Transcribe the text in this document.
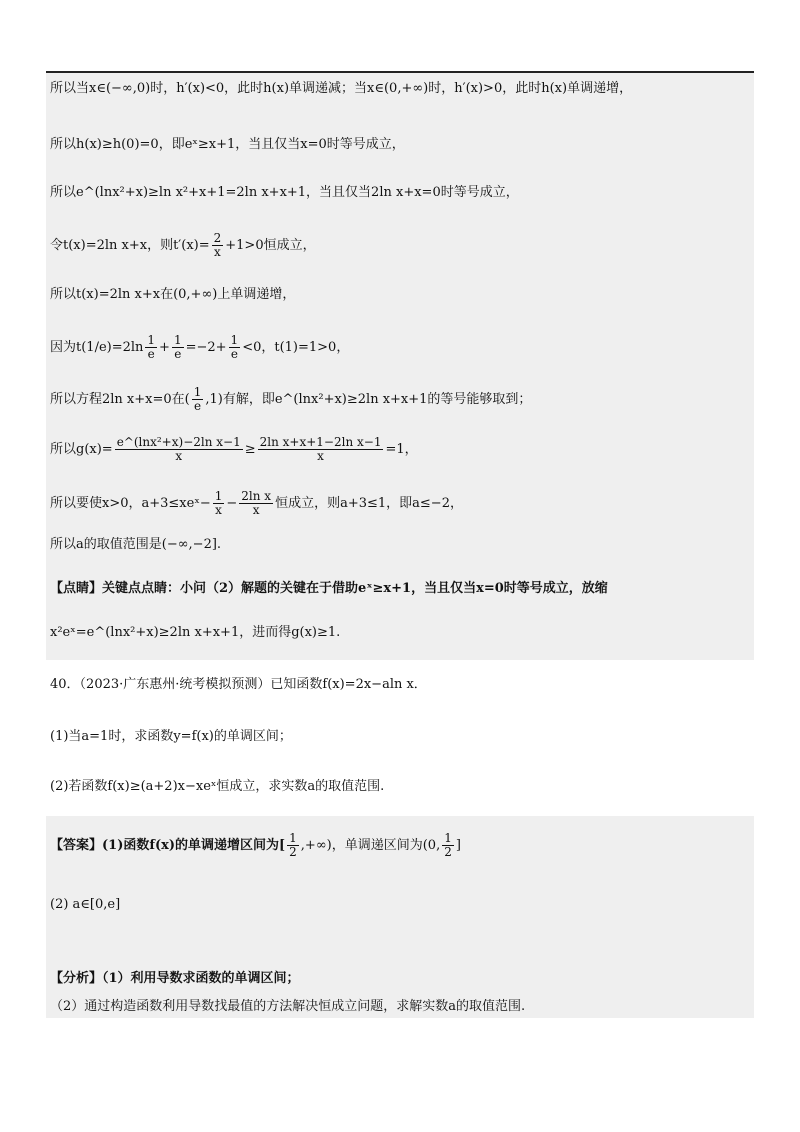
所以当x∈(−∞,0)时，h′(x)<0，此时h(x)单调递减；当x∈(0,+∞)时，h′(x)>0，此时h(x)单调递增，
所以h(x)≥h(0)=0，即eˣ≥x+1，当且仅当x=0时等号成立，
所以e^(lnx²+x)≥ln x²+x+1=2ln x+x+1，当且仅当2ln x+x=0时等号成立，
令t(x)=2ln x+x，则$t'(x)= \frac{2}{x} +1>0$恒成立，
所以t(x)=2ln x+x在(0,+∞)上单调递增，
因为$t(1/e)=2\ln \frac{1}{e} + \frac{1}{e} =-2+ \frac{1}{e} <0$，t(1)=1>0，
所以方程2ln x+x=0在( $\frac{1}{e} ,1$)有解，即e^(lnx²+x)≥2ln x+x+1的等号能够取到；
所以$g(x)= \frac{\text{e\textasciicircum{}(lnx²+x)−2ln x−1}}{x} \ge \frac{\text{2ln x+x+1−2ln x−1}}{x} =1$，
所以要使x>0，a+3≤xeˣ− $\frac{1}{x} - \frac{\text{2ln x}}{x}$ 恒成立，则a+3≤1，即a≤−2，
所以a的取值范围是(−∞,−2].
【点睛】关键点点睛：小问（2）解题的关键在于借助eˣ≥x+1，当且仅当x=0时等号成立，放缩
x²eˣ=e^(lnx²+x)≥2ln x+x+1，进而得g(x)≥1.
40．（2023·广东惠州·统考模拟预测）已知函数f(x)=2x−aln x．
(1)当a=1时，求函数y=f(x)的单调区间；
(2)若函数f(x)≥(a+2)x−xeˣ恒成立，求实数a的取值范围.
【答案】(1)函数f(x)的单调递增区间为[ $\frac{1}{2}$ ,+∞)，单调递区间为(0, $\frac{1}{2}$ ]
(2) a∈[0,e]
【分析】（1）利用导数求函数的单调区间；
（2）通过构造函数利用导数找最值的方法解决恒成立问题，求解实数a的取值范围.
